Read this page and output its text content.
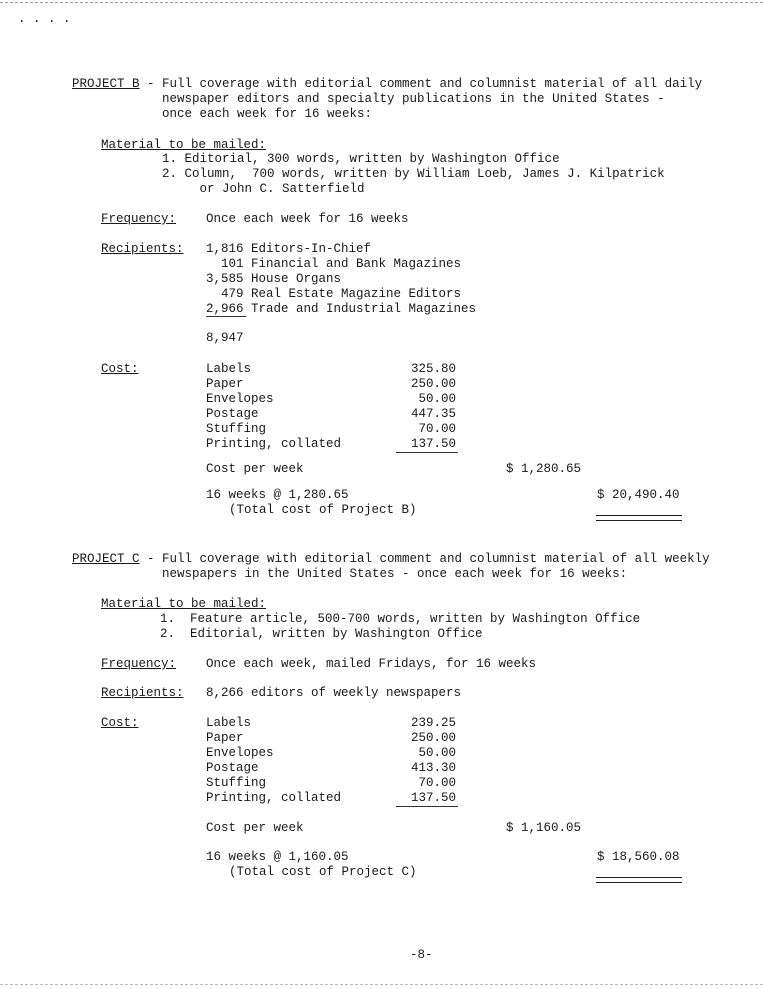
. . . .
PROJECT B - Full coverage with editorial comment and columnist material of all daily
newspaper editors and specialty publications in the United States -
once each week for 16 weeks:
Material to be mailed:
1. Editorial, 300 words, written by Washington Office
2. Column,  700 words, written by William Loeb, James J. Kilpatrick
or John C. Satterfield
Frequency: Once each week for 16 weeks
Recipients: 1,816 Editors-In-Chief
101 Financial and Bank Magazines
3,585 House Organs
479 Real Estate Magazine Editors
2,966 Trade and Industrial Magazines
8,947
Cost:	Labels	325.80
Paper	250.00
Envelopes	50.00
Postage	447.35
Stuffing	70.00
Printing, collated	137.50
Cost per week	$ 1,280.65
16 weeks @ 1,280.65	$ 20,490.40
(Total cost of Project B)
PROJECT C - Full coverage with editorial comment and columnist material of all weekly
newspapers in the United States - once each week for 16 weeks:
Material to be mailed:
1.  Feature article, 500-700 words, written by Washington Office
2.  Editorial, written by Washington Office
Frequency: Once each week, mailed Fridays, for 16 weeks
Recipients: 8,266 editors of weekly newspapers
Cost:	Labels	239.25
Paper	250.00
Envelopes	50.00
Postage	413.30
Stuffing	70.00
Printing, collated	137.50
Cost per week	$ 1,160.05
16 weeks @ 1,160.05	$ 18,560.08
(Total cost of Project C)
-8-
